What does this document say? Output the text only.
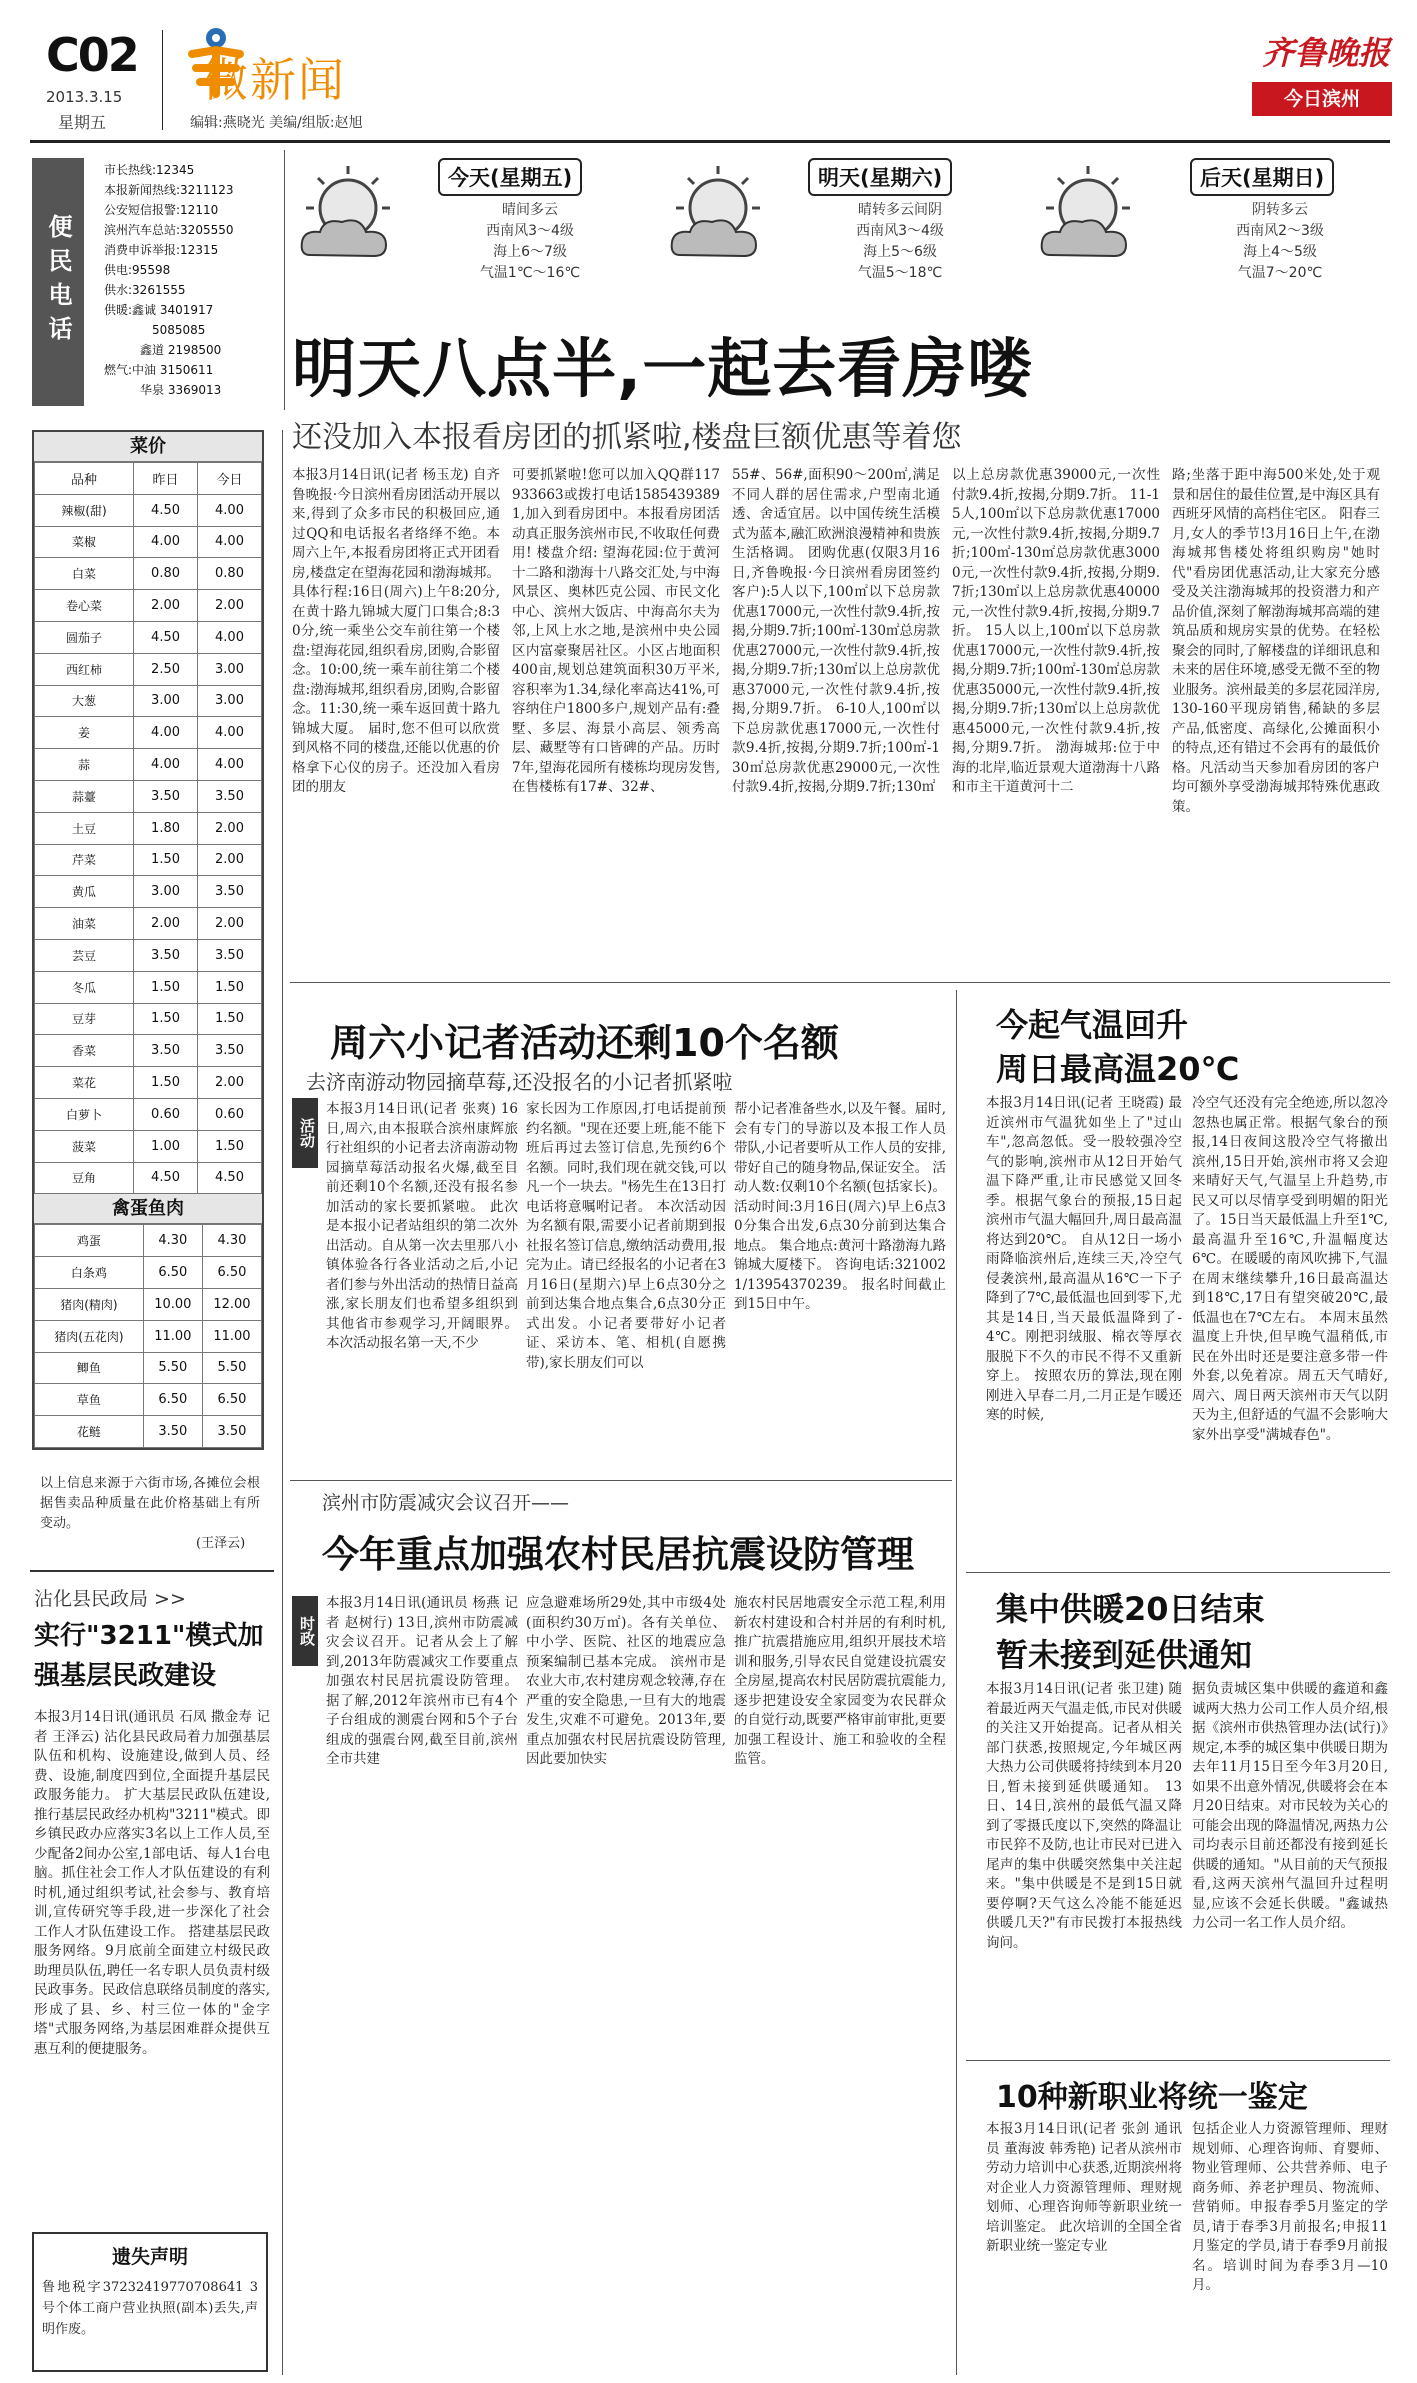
C02
2013.3.15
星期五
微新闻
编辑:燕晓光 美编/组版:赵旭
齐鲁晚报
今日滨州
便民电话
市长热线:12345
本报新闻热线:3211123
公安短信报警:12110
滨州汽车总站:3205550
消费申诉举报:12315
供电:95598
供水:3261555
供暖:鑫诚 3401917
5085085
鑫道 2198500
燃气:中油 3150611
华泉 3369013
今天(星期五)
晴间多云
西南风3～4级
海上6～7级
气温1℃～16℃
明天(星期六)
晴转多云间阴
西南风3～4级
海上5～6级
气温5～18℃
后天(星期日)
阴转多云
西南风2～3级
海上4～5级
气温7～20℃
明天八点半,一起去看房喽
还没加入本报看房团的抓紧啦,楼盘巨额优惠等着您
本报3月14日讯(记者 杨玉龙) 自齐鲁晚报·今日滨州看房团活动开展以来,得到了众多市民的积极回应,通过QQ和电话报名者络绎不绝。本周六上午,本报看房团将正式开团看房,楼盘定在望海花园和渤海城邦。 具体行程:16日(周六)上午8:20分,在黄十路九锦城大厦门口集合;8:30分,统一乘坐公交车前往第一个楼盘:望海花园,组织看房,团购,合影留念。10:00,统一乘车前往第二个楼盘:渤海城邦,组织看房,团购,合影留念。11:30,统一乘车返回黄十路九锦城大厦。 届时,您不但可以欣赏到风格不同的楼盘,还能以优惠的价格拿下心仪的房子。还没加入看房团的朋友
可要抓紧啦!您可以加入QQ群117933663或拨打电话15854393891,加入到看房团中。本报看房团活动真正服务滨州市民,不收取任何费用! 楼盘介绍: 望海花园:位于黄河十二路和渤海十八路交汇处,与中海风景区、奥林匹克公园、市民文化中心、滨州大饭店、中海高尔夫为邻,上风上水之地,是滨州中央公园区内富豪聚居社区。小区占地面积400亩,规划总建筑面积30万平米,容积率为1.34,绿化率高达41%,可容纳住户1800多户,规划产品有:叠墅、多层、海景小高层、领秀高层、藏墅等有口皆碑的产品。历时7年,望海花园所有楼栋均现房发售,在售楼栋有17#、32#、
55#、56#,面积90～200㎡,满足不同人群的居住需求,户型南北通透、舍适宜居。以中国传统生活模式为蓝本,融汇欧洲浪漫精神和贵族生活格调。 团购优惠(仅限3月16日,齐鲁晚报·今日滨州看房团签约客户):5人以下,100㎡以下总房款优惠17000元,一次性付款9.4折,按揭,分期9.7折;100㎡-130㎡总房款优惠27000元,一次性付款9.4折,按揭,分期9.7折;130㎡以上总房款优惠37000元,一次性付款9.4折,按揭,分期9.7折。 6-10人,100㎡以下总房款优惠17000元,一次性付款9.4折,按揭,分期9.7折;100㎡-130㎡总房款优惠29000元,一次性付款9.4折,按揭,分期9.7折;130㎡
以上总房款优惠39000元,一次性付款9.4折,按揭,分期9.7折。 11-15人,100㎡以下总房款优惠17000元,一次性付款9.4折,按揭,分期9.7折;100㎡-130㎡总房款优惠30000元,一次性付款9.4折,按揭,分期9.7折;130㎡以上总房款优惠40000元,一次性付款9.4折,按揭,分期9.7折。 15人以上,100㎡以下总房款优惠17000元,一次性付款9.4折,按揭,分期9.7折;100㎡-130㎡总房款优惠35000元,一次性付款9.4折,按揭,分期9.7折;130㎡以上总房款优惠45000元,一次性付款9.4折,按揭,分期9.7折。 渤海城邦:位于中海的北岸,临近景观大道渤海十八路和市主干道黄河十二
路;坐落于距中海500米处,处于观景和居住的最佳位置,是中海区具有西班牙风情的高档住宅区。 阳春三月,女人的季节!3月16日上午,在渤海城邦售楼处将组织购房"她时代"看房团优惠活动,让大家充分感受及关注渤海城邦的投资潜力和产品价值,深刻了解渤海城邦高端的建筑品质和规房实景的优势。在轻松聚会的同时,了解楼盘的详细讯息和未来的居住环境,感受无微不至的物业服务。滨州最美的多层花园洋房,130-160平现房销售,稀缺的多层产品,低密度、高绿化,公摊面积小的特点,还有错过不会再有的最低价格。凡活动当天参加看房团的客户均可额外享受渤海城邦特殊优惠政策。
菜价
品种	昨日	今日
辣椒(甜)	4.50	4.00
菜椒	4.00	4.00
白菜	0.80	0.80
卷心菜	2.00	2.00
圆茄子	4.50	4.00
西红柿	2.50	3.00
大葱	3.00	3.00
姜	4.00	4.00
蒜	4.00	4.00
蒜薹	3.50	3.50
土豆	1.80	2.00
芹菜	1.50	2.00
黄瓜	3.00	3.50
油菜	2.00	2.00
芸豆	3.50	3.50
冬瓜	1.50	1.50
豆芽	1.50	1.50
香菜	3.50	3.50
菜花	1.50	2.00
白萝卜	0.60	0.60
菠菜	1.00	1.50
豆角	4.50	4.50
禽蛋鱼肉
鸡蛋	4.30	4.30
白条鸡	6.50	6.50
猪肉(精肉)	10.00	12.00
猪肉(五花肉)	11.00	11.00
鲫鱼	5.50	5.50
草鱼	6.50	6.50
花鲢	3.50	3.50
以上信息来源于六街市场,各摊位会根据售卖品种质量在此价格基础上有所变动。
(王泽云)
沾化县民政局 >>
实行"3211"模式加强基层民政建设
本报3月14日讯(通讯员 石凤 撒金寿 记者 王泽云) 沾化县民政局着力加强基层队伍和机构、设施建设,做到人员、经费、设施,制度四到位,全面提升基层民政服务能力。 扩大基层民政队伍建设,推行基层民政经办机构"3211"模式。即乡镇民政办应落实3名以上工作人员,至少配备2间办公室,1部电话、每人1台电脑。抓住社会工作人才队伍建设的有利时机,通过组织考试,社会参与、教育培训,宣传研究等手段,进一步深化了社会工作人才队伍建设工作。 搭建基层民政服务网络。9月底前全面建立村级民政助理员队伍,聘任一名专职人员负责村级民政事务。民政信息联络员制度的落实,形成了县、乡、村三位一体的"金字塔"式服务网络,为基层困难群众提供互惠互利的便捷服务。
遗失声明
鲁地税字37232419770708641 3号个体工商户营业执照(副本)丢失,声明作废。
活动
周六小记者活动还剩10个名额
去济南游动物园摘草莓,还没报名的小记者抓紧啦
本报3月14日讯(记者 张爽) 16日,周六,由本报联合滨州康辉旅行社组织的小记者去济南游动物园摘草莓活动报名火爆,截至目前还剩10个名额,还没有报名参加活动的家长要抓紧啦。 此次是本报小记者站组织的第二次外出活动。自从第一次去里那八小镇体验各行各业活动之后,小记者们参与外出活动的热情日益高涨,家长朋友们也希望多组织到其他省市参观学习,开阔眼界。本次活动报名第一天,不少
家长因为工作原因,打电话提前预约名额。"现在还要上班,能不能下班后再过去签订信息,先预约6个名额。同时,我们现在就交钱,可以凡一个一块去。"杨先生在13日打电话将意嘱咐记者。 本次活动因为名额有限,需要小记者前期到报社报名签订信息,缴纳活动费用,报完为止。请已经报名的小记者在3月16日(星期六)早上6点30分之前到达集合地点集合,6点30分正式出发。小记者要带好小记者证、采访本、笔、相机(自愿携带),家长朋友们可以
帮小记者准备些水,以及午餐。届时,会有专门的导游以及本报工作人员带队,小记者要听从工作人员的安排,带好自己的随身物品,保证安全。 活动人数:仅剩10个名额(包括家长)。 活动时间:3月16日(周六)早上6点30分集合出发,6点30分前到达集合地点。 集合地点:黄河十路渤海九路锦城大厦楼下。 咨询电话:3210021/13954370239。 报名时间截止到15日中午。
滨州市防震减灾会议召开——
今年重点加强农村民居抗震设防管理
时政
本报3月14日讯(通讯员 杨燕 记者 赵树行) 13日,滨州市防震减灾会议召开。记者从会上了解到,2013年防震减灾工作要重点加强农村民居抗震设防管理。 据了解,2012年滨州市已有4个子台组成的测震台网和5个子台组成的强震台网,截至目前,滨州全市共建
应急避难场所29处,其中市级4处(面积约30万㎡)。各有关单位、中小学、医院、社区的地震应急预案编制已基本完成。 滨州市是农业大市,农村建房观念较薄,存在严重的安全隐患,一旦有大的地震发生,灾难不可避免。2013年,要重点加强农村民居抗震设防管理,因此要加快实
施农村民居地震安全示范工程,利用新农村建设和合村并居的有利时机,推广抗震措施应用,组织开展技术培训和服务,引导农民自觉建设抗震安全房屋,提高农村民居防震抗震能力,逐步把建设安全家园变为农民群众的自觉行动,既要严格审前审批,更要加强工程设计、施工和验收的全程监管。
今起气温回升
周日最高温20℃
本报3月14日讯(记者 王晓霞) 最近滨州市气温犹如坐上了"过山车",忽高忽低。受一股较强冷空气的影响,滨州市从12日开始气温下降严重,让市民感觉又回冬季。根据气象台的预报,15日起滨州市气温大幅回升,周日最高温将达到20℃。 自从12日一场小雨降临滨州后,连续三天,冷空气侵袭滨州,最高温从16℃一下子降到了7℃,最低温也回到零下,尤其是14日,当天最低温降到了-4℃。刚把羽绒服、棉衣等厚衣服脱下不久的市民不得不又重新穿上。 按照农历的算法,现在刚刚进入早春二月,二月正是乍暖还寒的时候,
冷空气还没有完全绝迹,所以忽冷忽热也属正常。根据气象台的预报,14日夜间这股冷空气将撤出滨州,15日开始,滨州市将又会迎来晴好天气,气温呈上升趋势,市民又可以尽情享受到明媚的阳光了。15日当天最低温上升至1℃,最高温升至16℃,升温幅度达6℃。在暖暖的南风吹拂下,气温在周末继续攀升,16日最高温达到18℃,17日有望突破20℃,最低温也在7℃左右。 本周末虽然温度上升快,但早晚气温稍低,市民在外出时还是要注意多带一件外套,以免着凉。周五天气晴好,周六、周日两天滨州市天气以阴天为主,但舒适的气温不会影响大家外出享受"满城春色"。
集中供暖20日结束
暂未接到延供通知
本报3月14日讯(记者 张卫建) 随着最近两天气温走低,市民对供暖的关注又开始提高。记者从相关部门获悉,按照规定,今年城区两大热力公司供暖将持续到本月20日,暂未接到延供暖通知。 13日、14日,滨州的最低气温又降到了零摄氏度以下,突然的降温让市民猝不及防,也让市民对已进入尾声的集中供暖突然集中关注起来。"集中供暖是不是到15日就要停啊?天气这么冷能不能延迟供暖几天?"有市民拨打本报热线询问。
据负责城区集中供暖的鑫道和鑫诚两大热力公司工作人员介绍,根据《滨州市供热管理办法(试行)》规定,本季的城区集中供暖日期为去年11月15日至今年3月20日,如果不出意外情况,供暖将会在本月20日结束。对市民较为关心的可能会出现的降温情况,两热力公司均表示目前还都没有接到延长供暖的通知。"从目前的天气预报看,这两天滨州气温回升过程明显,应该不会延长供暖。"鑫诚热力公司一名工作人员介绍。
10种新职业将统一鉴定
本报3月14日讯(记者 张剑 通讯员 董海波 韩秀艳) 记者从滨州市劳动力培训中心获悉,近期滨州将对企业人力资源管理师、理财规划师、心理咨询师等新职业统一培训鉴定。 此次培训的全国全省新职业统一鉴定专业
包括企业人力资源管理师、理财规划师、心理咨询师、育婴师、物业管理师、公共营养师、电子商务师、养老护理员、物流师、营销师。申报春季5月鉴定的学员,请于春季3月前报名;申报11月鉴定的学员,请于春季9月前报名。培训时间为春季3月—10月。
